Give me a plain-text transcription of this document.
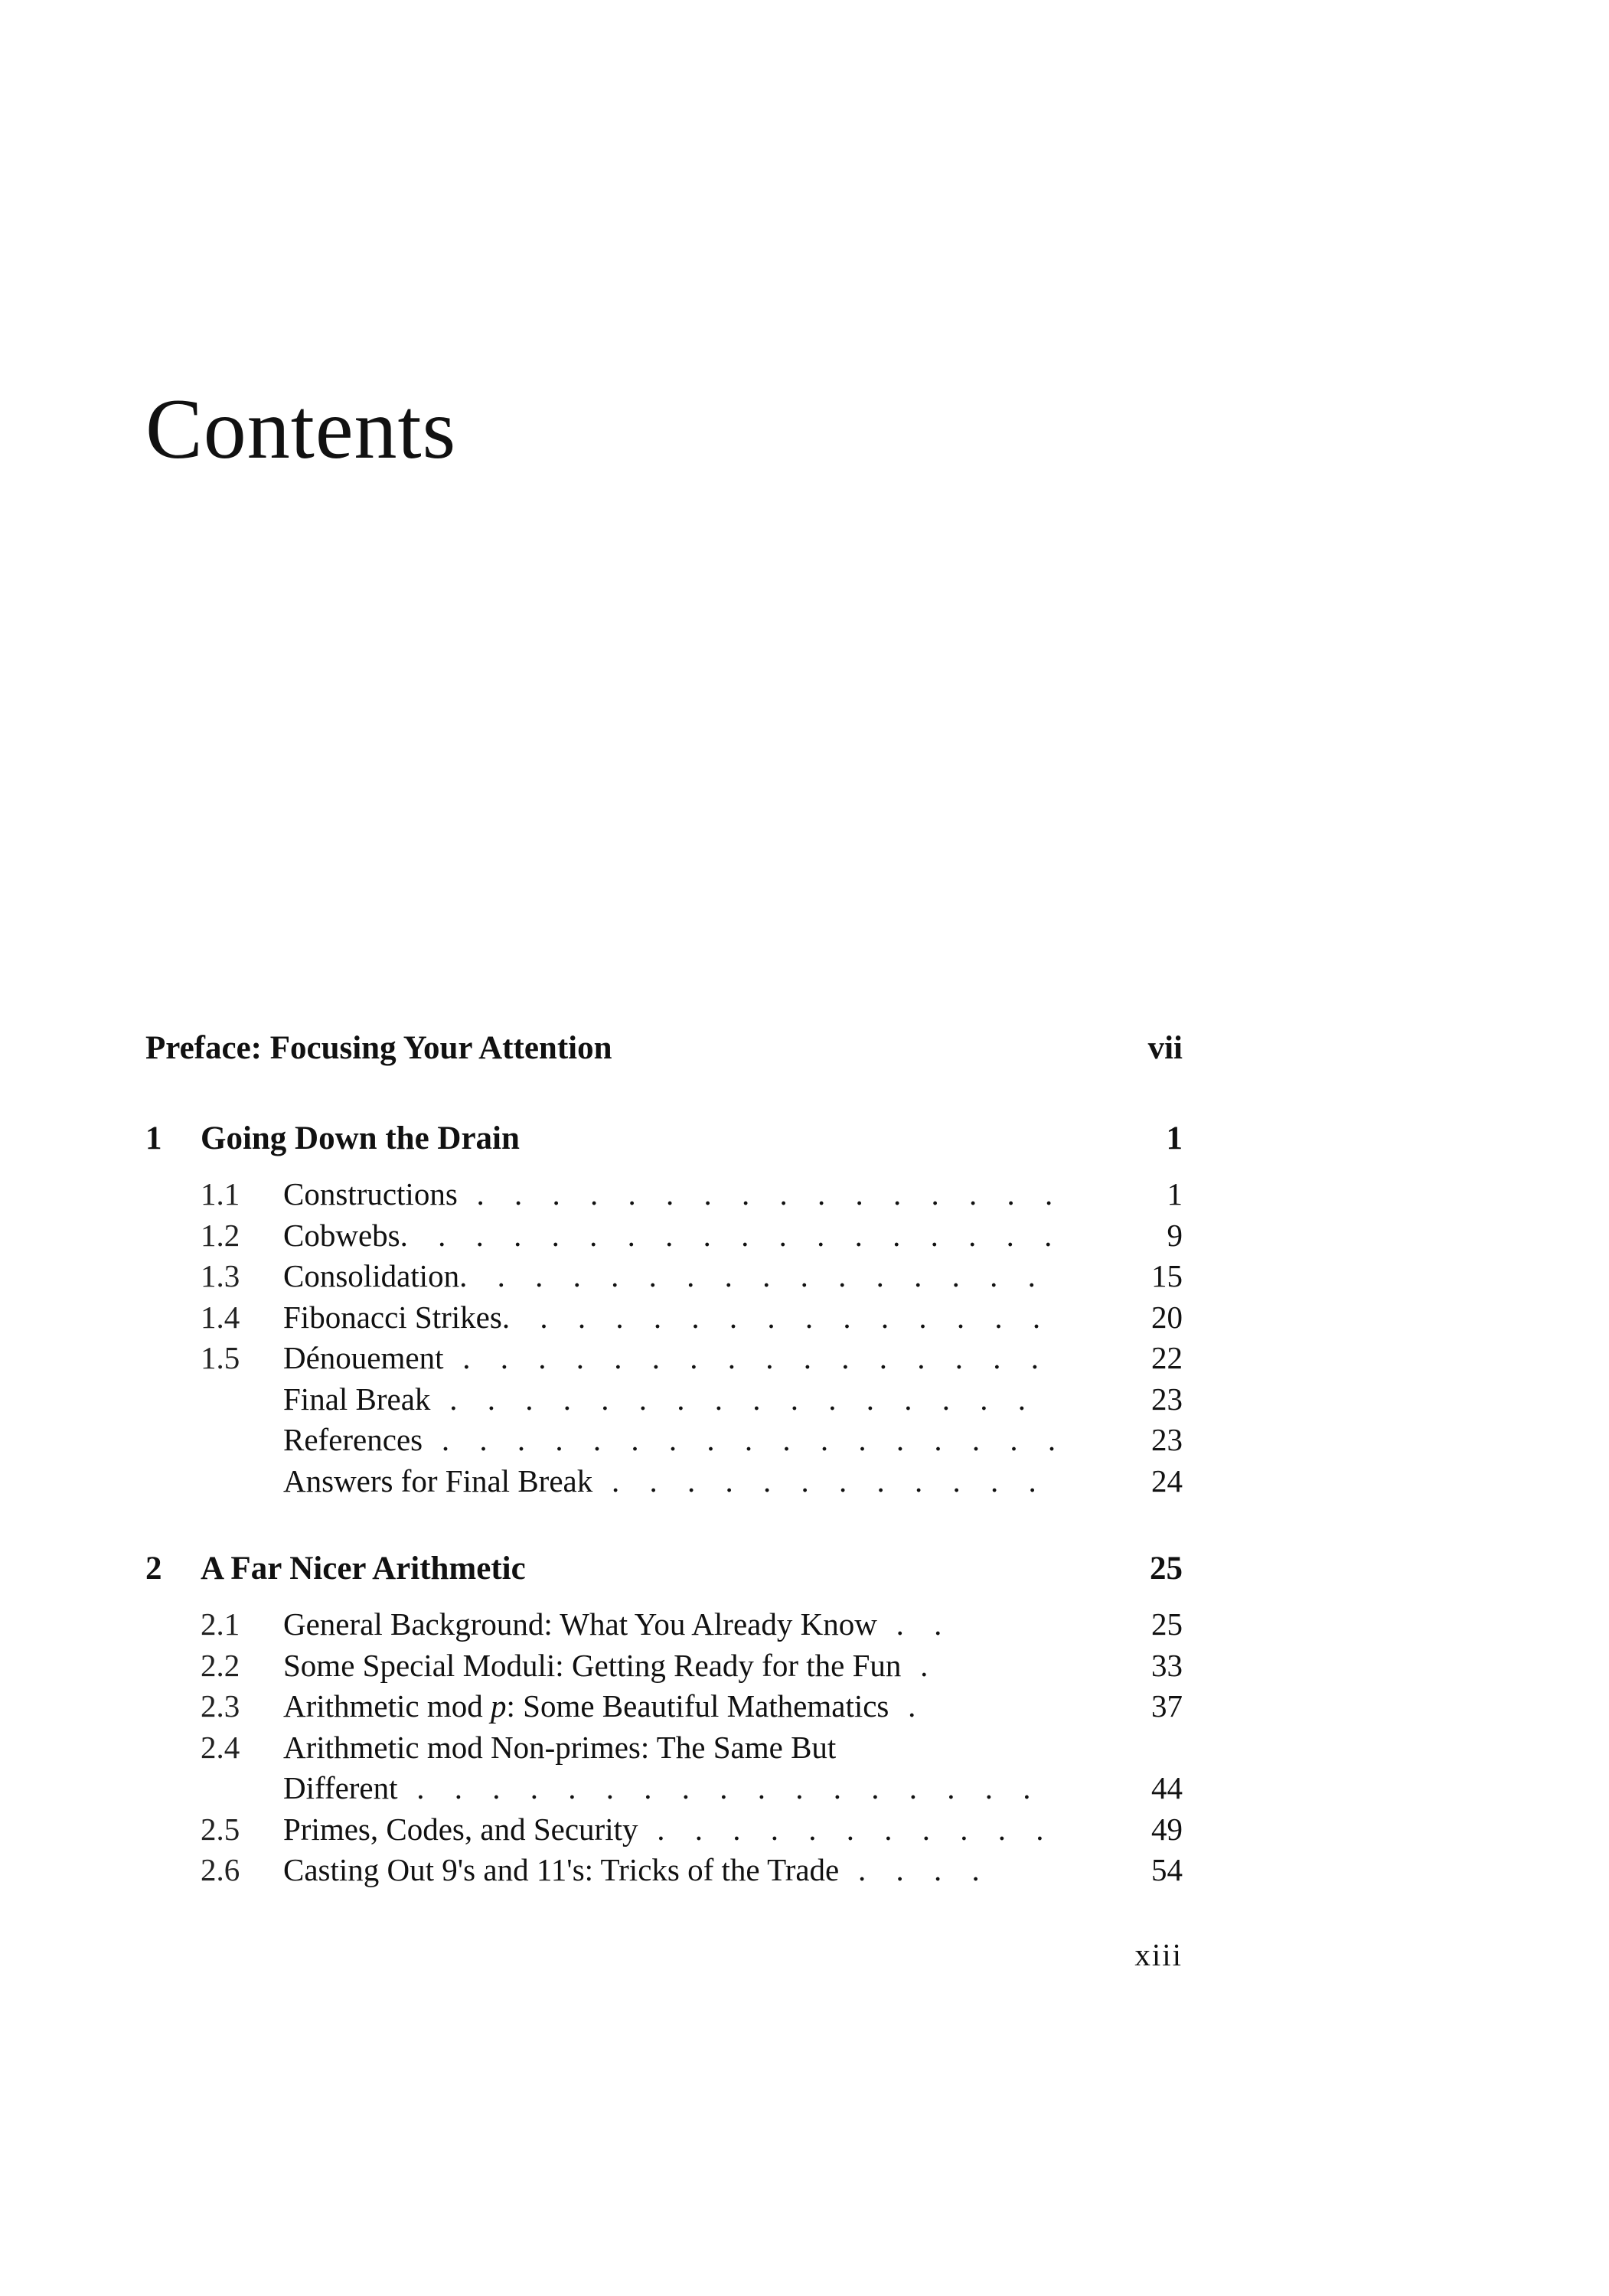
Contents
Preface: Focusing Your Attention	vii
1 Going Down the Drain	1
1.1 Constructions . . . . . . . . . . . . . . . .	1
1.2 Cobwebs. . . . . . . . . . . . . . . . . .	9
1.3 Consolidation. . . . . . . . . . . . . . . .	15
1.4 Fibonacci Strikes. . . . . . . . . . . . . . .	20
1.5 Dénouement . . . . . . . . . . . . . . . .	22
Final Break . . . . . . . . . . . . . . . .	23
References . . . . . . . . . . . . . . . . .	23
Answers for Final Break . . . . . . . . . . . .	24
2 A Far Nicer Arithmetic	25
2.1 General Background: What You Already Know . .	25
2.2 Some Special Moduli: Getting Ready for the Fun .	33
2.3 Arithmetic mod p: Some Beautiful Mathematics .	37
2.4 Arithmetic mod Non-primes: The Same But
Different . . . . . . . . . . . . . . . . .	44
2.5 Primes, Codes, and Security . . . . . . . . . . .	49
2.6 Casting Out 9's and 11's: Tricks of the Trade . . . .	54
xiii
